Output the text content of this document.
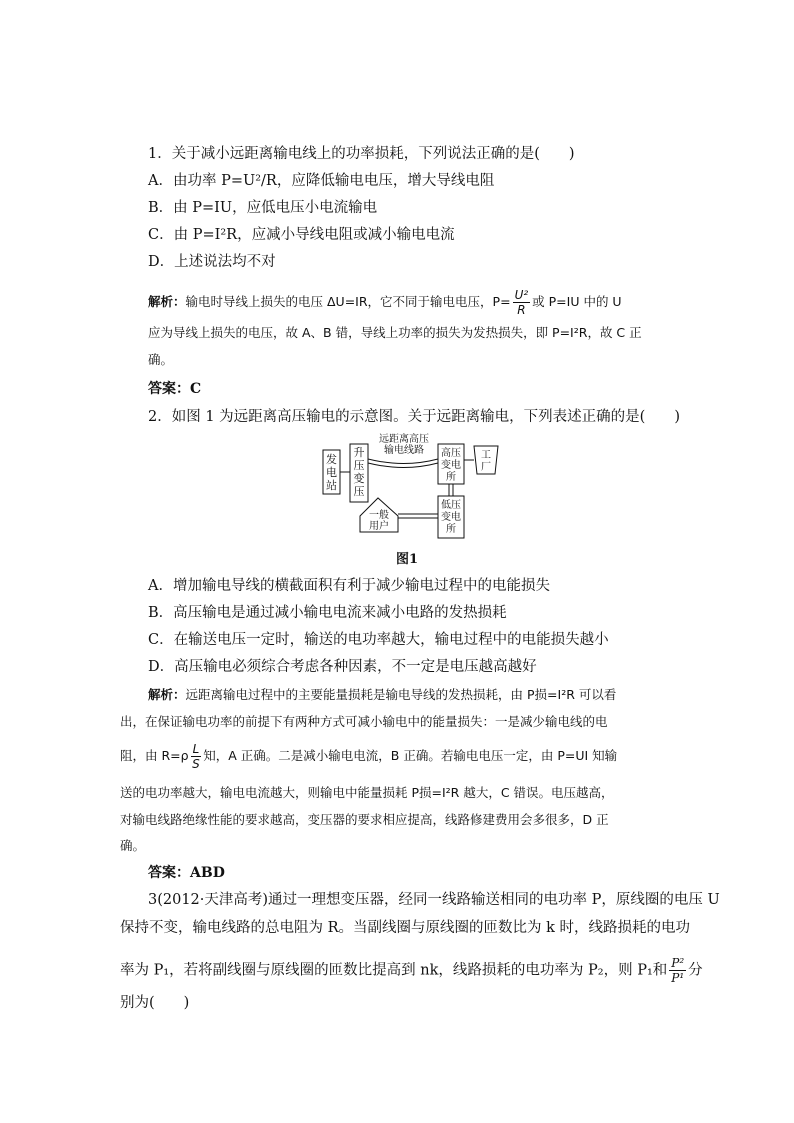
1．关于减小远距离输电线上的功率损耗，下列说法正确的是(　　)
A．由功率 P=U²/R，应降低输电电压，增大导线电阻
B．由 P=IU，应低电压小电流输电
C．由 P=I²R，应减小导线电阻或减小输电电流
D．上述说法均不对
解析：输电时导线上损失的电压 ΔU=IR，它不同于输电电压，$P= \frac{\text{U²}}{R}$ 或 P=IU 中的 U
应为导线上损失的电压，故 A、B 错，导线上功率的损失为发热损失，即 P=I²R，故 C 正
确。
答案：C
2．如图 1 为远距离高压输电的示意图。关于远距离输电，下列表述正确的是(　　)
发
电
站
升
压
变
压
远距离高压
输电线路 高压
变电
所
工
厂
低压
变电
所
一般
用户
图1
A．增加输电导线的横截面积有利于减少输电过程中的电能损失
B．高压输电是通过减小输电电流来减小电路的发热损耗
C．在输送电压一定时，输送的电功率越大，输电过程中的电能损失越小
D．高压输电必须综合考虑各种因素，不一定是电压越高越好
解析：远距离输电过程中的主要能量损耗是输电导线的发热损耗，由 P损=I²R 可以看
出，在保证输电功率的前提下有两种方式可减小输电中的能量损失：一是减少输电线的电
阻，由 $R=\rho \frac{L}{S}$ 知，A 正确。二是减小输电电流，B 正确。若输电电压一定，由 P=UI 知输
送的电功率越大，输电电流越大，则输电中能量损耗 P损=I²R 越大，C 错误。电压越高，
对输电线路绝缘性能的要求越高，变压器的要求相应提高，线路修建费用会多很多，D 正
确。
答案：ABD
3(2012·天津高考)通过一理想变压器，经同一线路输送相同的电功率 P，原线圈的电压 U
保持不变，输电线路的总电阻为 R。当副线圈与原线圈的匝数比为 k 时，线路损耗的电功
率为 P₁，若将副线圈与原线圈的匝数比提高到 nk，线路损耗的电功率为 P₂，则 P₁和 $\frac{\text{P²}}{\text{P¹}}$ 分
别为(　　)
